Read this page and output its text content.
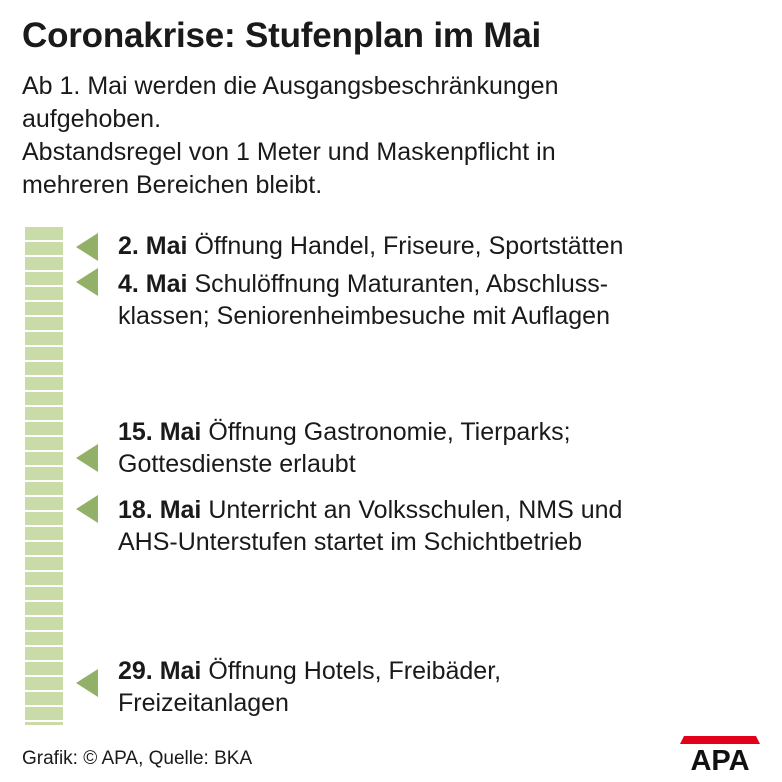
Coronakrise: Stufenplan im Mai
Ab 1. Mai werden die Ausgangsbeschränkungen
aufgehoben.
Abstandsregel von 1 Meter und Maskenpflicht in
mehreren Bereichen bleibt.
2. Mai Öffnung Handel, Friseure, Sportstätten
4. Mai Schulöffnung Maturanten, Abschluss-
klassen; Seniorenheimbesuche mit Auflagen
15. Mai Öffnung Gastronomie, Tierparks;
Gottesdienste erlaubt
18. Mai Unterricht an Volksschulen, NMS und
AHS-Unterstufen startet im Schichtbetrieb
29. Mai Öffnung Hotels, Freibäder,
Freizeitanlagen
Grafik: © APA, Quelle: BKA	APA
